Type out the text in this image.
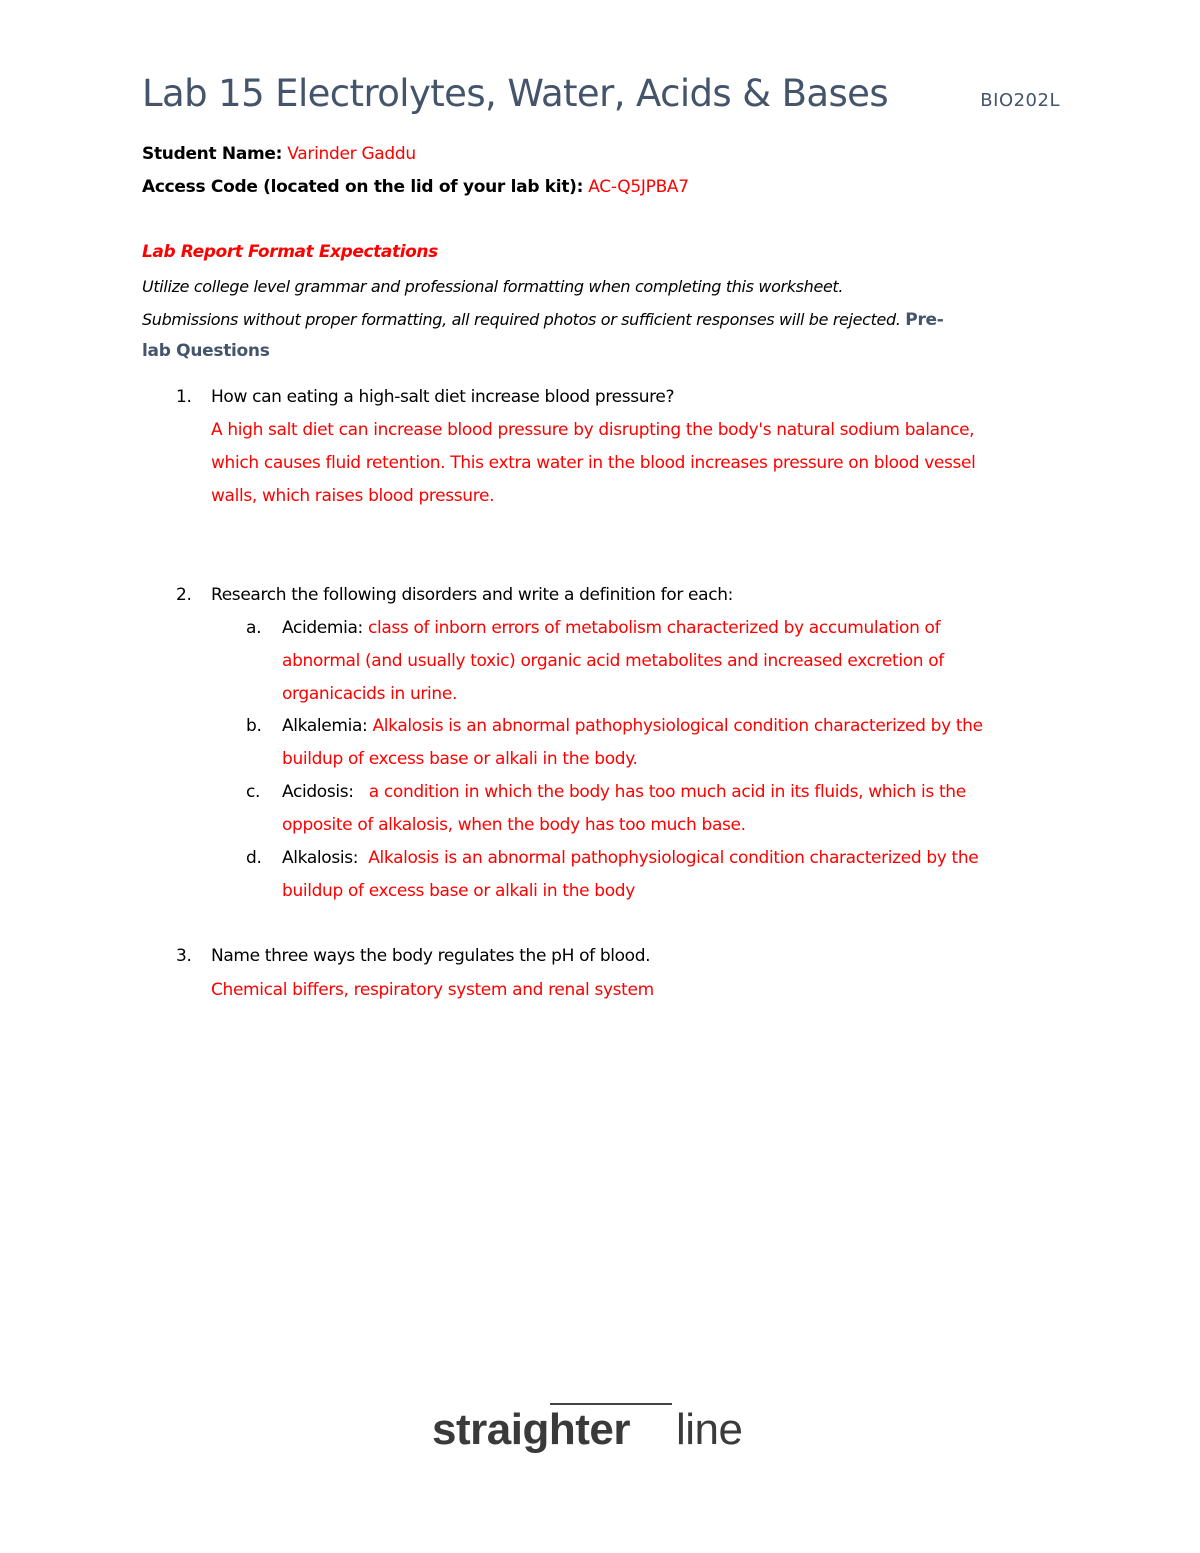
Lab 15 Electrolytes, Water, Acids & Bases	BIO202L
Student Name: Varinder Gaddu
Access Code (located on the lid of your lab kit): AC-Q5JPBA7
Lab Report Format Expectations
Utilize college level grammar and professional formatting when completing this worksheet.
Submissions without proper formatting, all required photos or sufficient responses will be rejected. Pre-
lab Questions
1. How can eating a high-salt diet increase blood pressure?
A high salt diet can increase blood pressure by disrupting the body's natural sodium balance,
which causes fluid retention. This extra water in the blood increases pressure on blood vessel
walls, which raises blood pressure.
2. Research the following disorders and write a definition for each:
a. Acidemia: class of inborn errors of metabolism characterized by accumulation of
abnormal (and usually toxic) organic acid metabolites and increased excretion of
organicacids in urine.
b. Alkalemia: Alkalosis is an abnormal pathophysiological condition characterized by the
buildup of excess base or alkali in the body.
c. Acidosis:   a condition in which the body has too much acid in its fluids, which is the
opposite of alkalosis, when the body has too much base.
d. Alkalosis:  Alkalosis is an abnormal pathophysiological condition characterized by the
buildup of excess base or alkali in the body
3. Name three ways the body regulates the pH of blood.
Chemical biffers, respiratory system and renal system
straighter line
